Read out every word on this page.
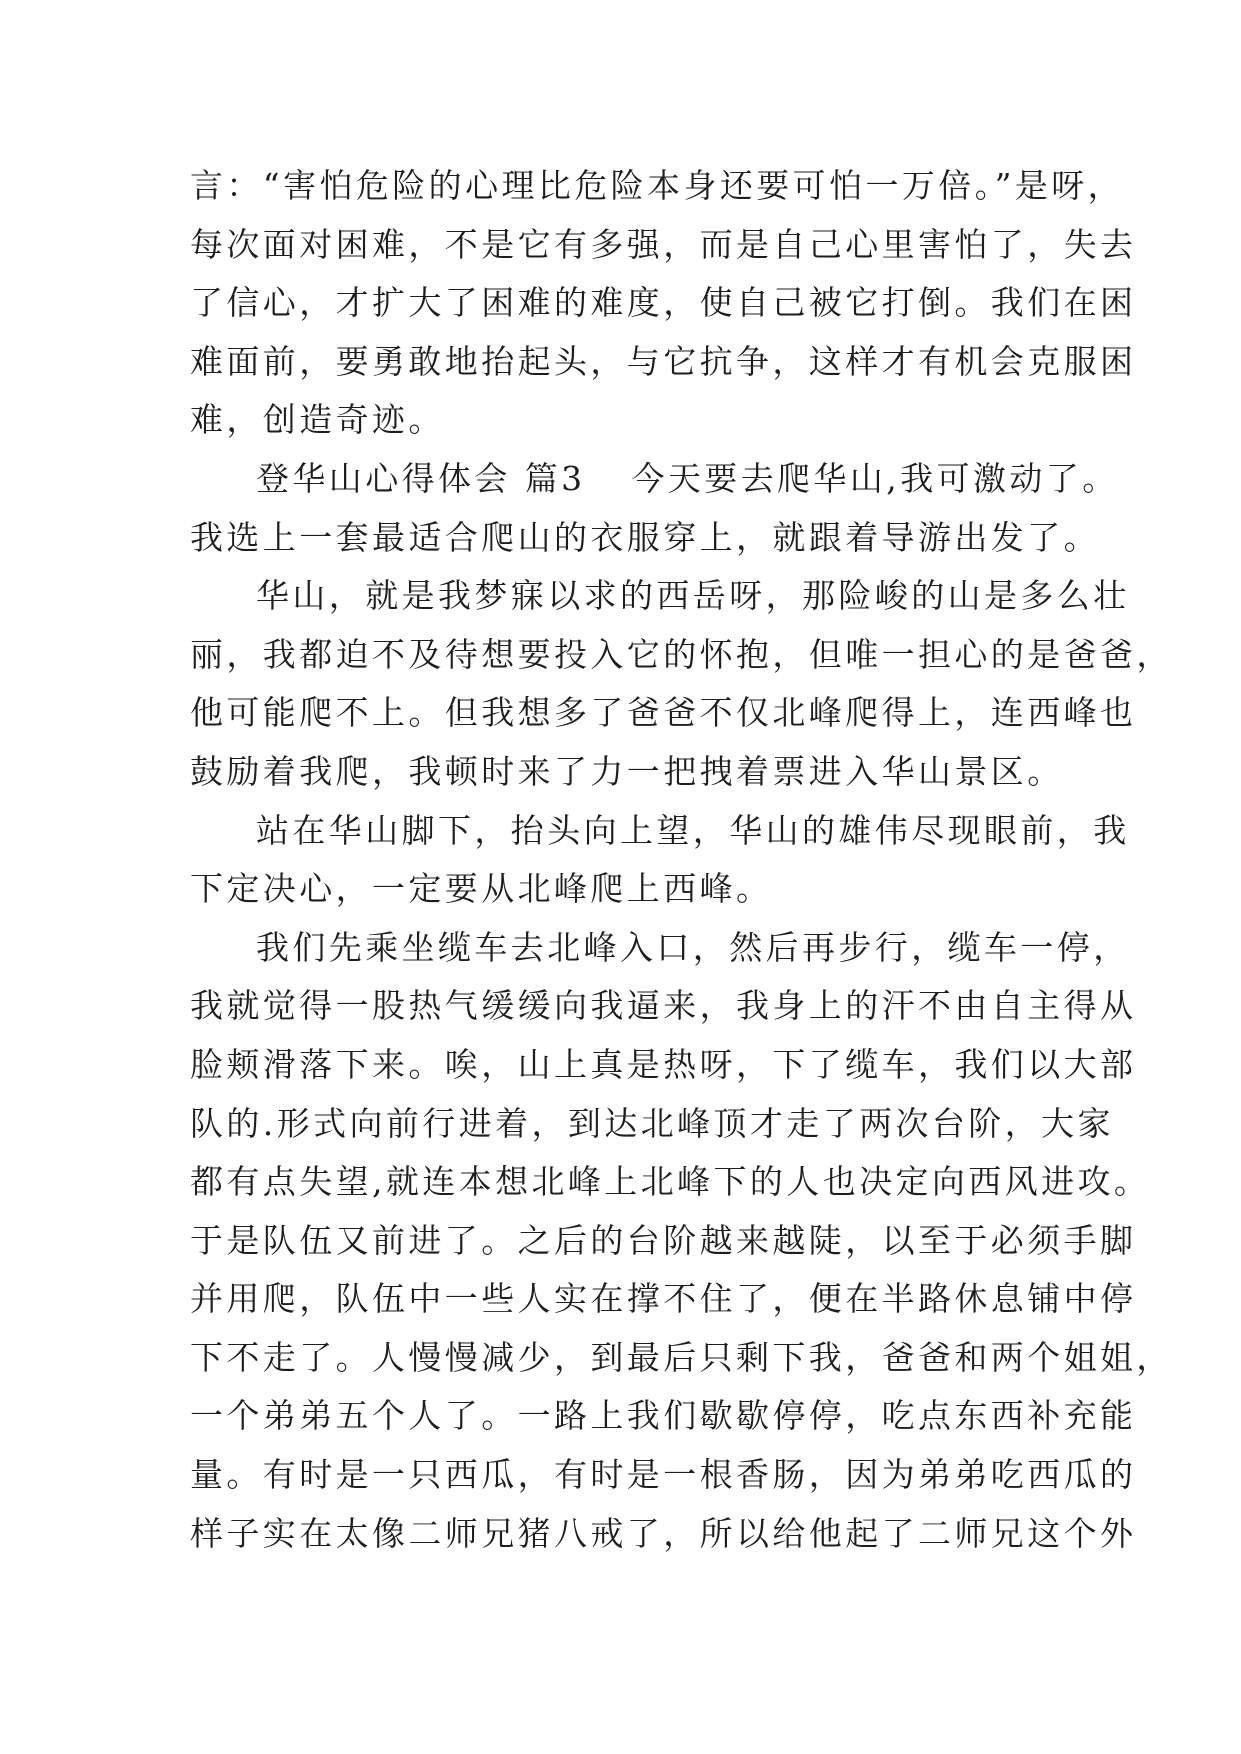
言：“害怕危险的心理比危险本身还要可怕一万倍。”是呀，
每次面对困难，不是它有多强，而是自己心里害怕了，失去
了信心，才扩大了困难的难度，使自己被它打倒。我们在困
难面前，要勇敢地抬起头，与它抗争，这样才有机会克服困
难，创造奇迹。
登华山心得体会 篇3 今天要去爬华山,我可激动了。
我选上一套最适合爬山的衣服穿上，就跟着导游出发了。
华山，就是我梦寐以求的西岳呀，那险峻的山是多么壮
丽，我都迫不及待想要投入它的怀抱，但唯一担心的是爸爸，
他可能爬不上。但我想多了爸爸不仅北峰爬得上，连西峰也
鼓励着我爬，我顿时来了力一把拽着票进入华山景区。
站在华山脚下，抬头向上望，华山的雄伟尽现眼前，我
下定决心，一定要从北峰爬上西峰。
我们先乘坐缆车去北峰入口，然后再步行，缆车一停，
我就觉得一股热气缓缓向我逼来，我身上的汗不由自主得从
脸颊滑落下来。唉，山上真是热呀，下了缆车，我们以大部
队的.形式向前行进着，到达北峰顶才走了两次台阶，大家
都有点失望,就连本想北峰上北峰下的人也决定向西风进攻。
于是队伍又前进了。之后的台阶越来越陡，以至于必须手脚
并用爬，队伍中一些人实在撑不住了，便在半路休息铺中停
下不走了。人慢慢减少，到最后只剩下我，爸爸和两个姐姐，
一个弟弟五个人了。一路上我们歇歇停停，吃点东西补充能
量。有时是一只西瓜，有时是一根香肠，因为弟弟吃西瓜的
样子实在太像二师兄猪八戒了，所以给他起了二师兄这个外
